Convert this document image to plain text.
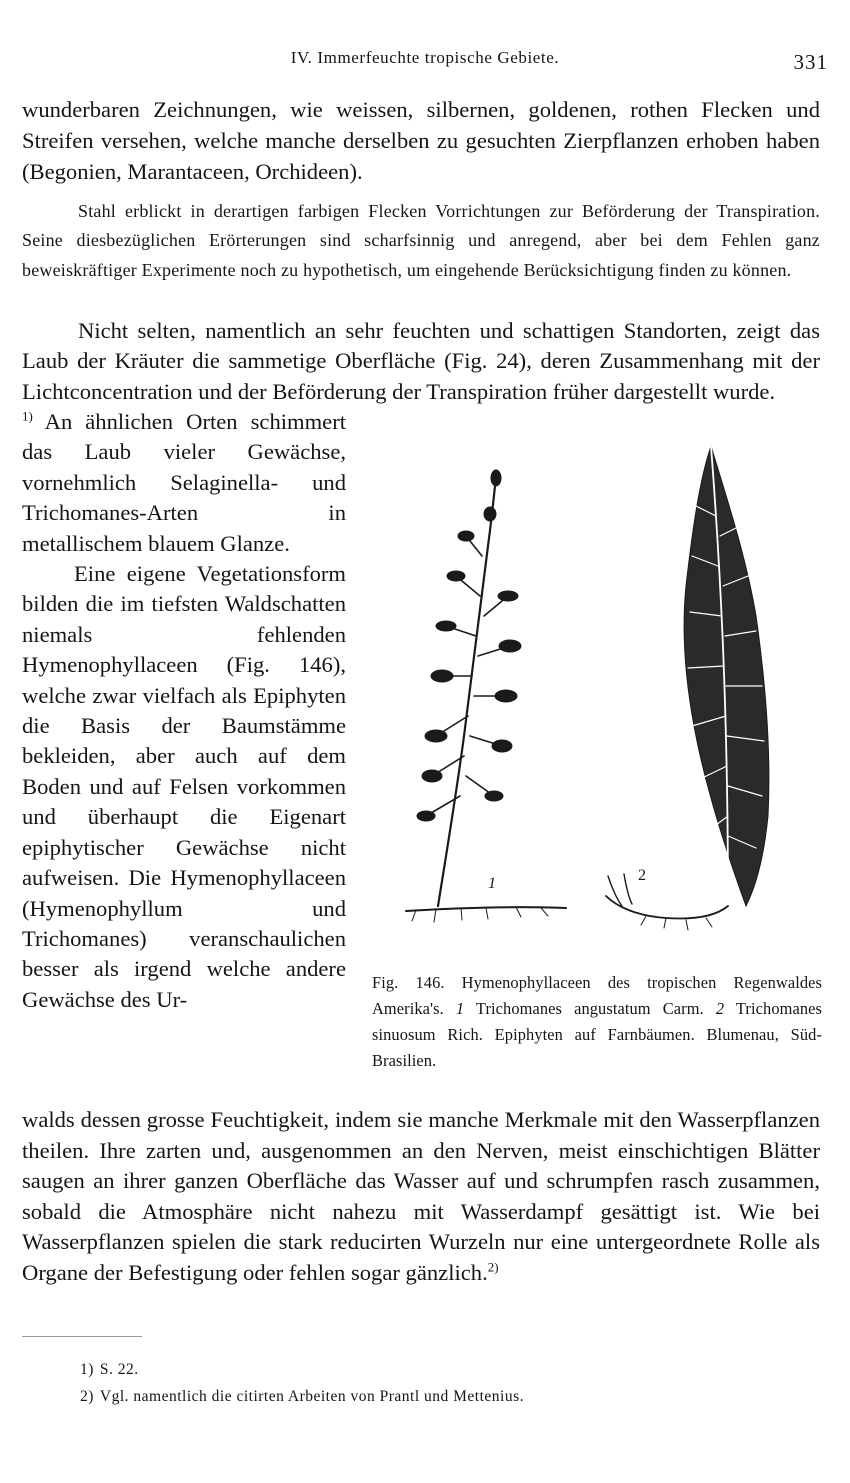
IV. Immerfeuchte tropische Gebiete.	331

wunderbaren Zeichnungen, wie weissen, silbernen, goldenen, rothen Flecken und Streifen versehen, welche manche derselben zu gesuchten Zierpflanzen erhoben haben (Begonien, Marantaceen, Orchideen).

Stahl erblickt in derartigen farbigen Flecken Vorrichtungen zur Beförderung der Transpiration. Seine diesbezüglichen Erörterungen sind scharfsinnig und anregend, aber bei dem Fehlen ganz beweiskräftiger Experimente noch zu hypothetisch, um eingehende Berücksichtigung finden zu können.

Nicht selten, namentlich an sehr feuchten und schattigen Standorten, zeigt das Laub der Kräuter die sammetige Oberfläche (Fig. 24), deren Zusammenhang mit der Lichtconcentration und der Beförderung der Transpiration früher dargestellt wurde.

$^{1)}$ An ähnlichen Orten schimmert das Laub vieler Gewächse, vornehmlich Selaginella- und Trichomanes-Arten in metallischem blauem Glanze.

Eine eigene Vegetationsform bilden die im tiefsten Waldschatten niemals fehlenden Hymenophyllaceen (Fig. 146), welche zwar vielfach als Epiphyten die Basis der Baumstämme bekleiden, aber auch auf dem Boden und auf Felsen vorkommen und überhaupt die Eigenart epiphytischer Gewächse nicht aufweisen. Die Hymenophyllaceen (Hymenophyllum und Trichomanes) veranschaulichen besser als irgend welche andere Gewächse des Ur-

1	2

Fig. 146. Hymenophyllaceen des tropischen Regenwaldes Amerika's. 1 Trichomanes angustatum Carm. 2 Trichomanes sinuosum Rich. Epiphyten auf Farnbäumen. Blumenau, Süd-Brasilien.

walds dessen grosse Feuchtigkeit, indem sie manche Merkmale mit den Wasserpflanzen theilen. Ihre zarten und, ausgenommen an den Nerven, meist einschichtigen Blätter saugen an ihrer ganzen Oberfläche das Wasser auf und schrumpfen rasch zusammen, sobald die Atmosphäre nicht nahezu mit Wasserdampf gesättigt ist. Wie bei Wasserpflanzen spielen die stark reducirten Wurzeln nur eine untergeordnete Rolle als Organe der Befestigung oder fehlen sogar gänzlich.$^{2)}$

1) S. 22.

2) Vgl. namentlich die citirten Arbeiten von Prantl und Mettenius.
